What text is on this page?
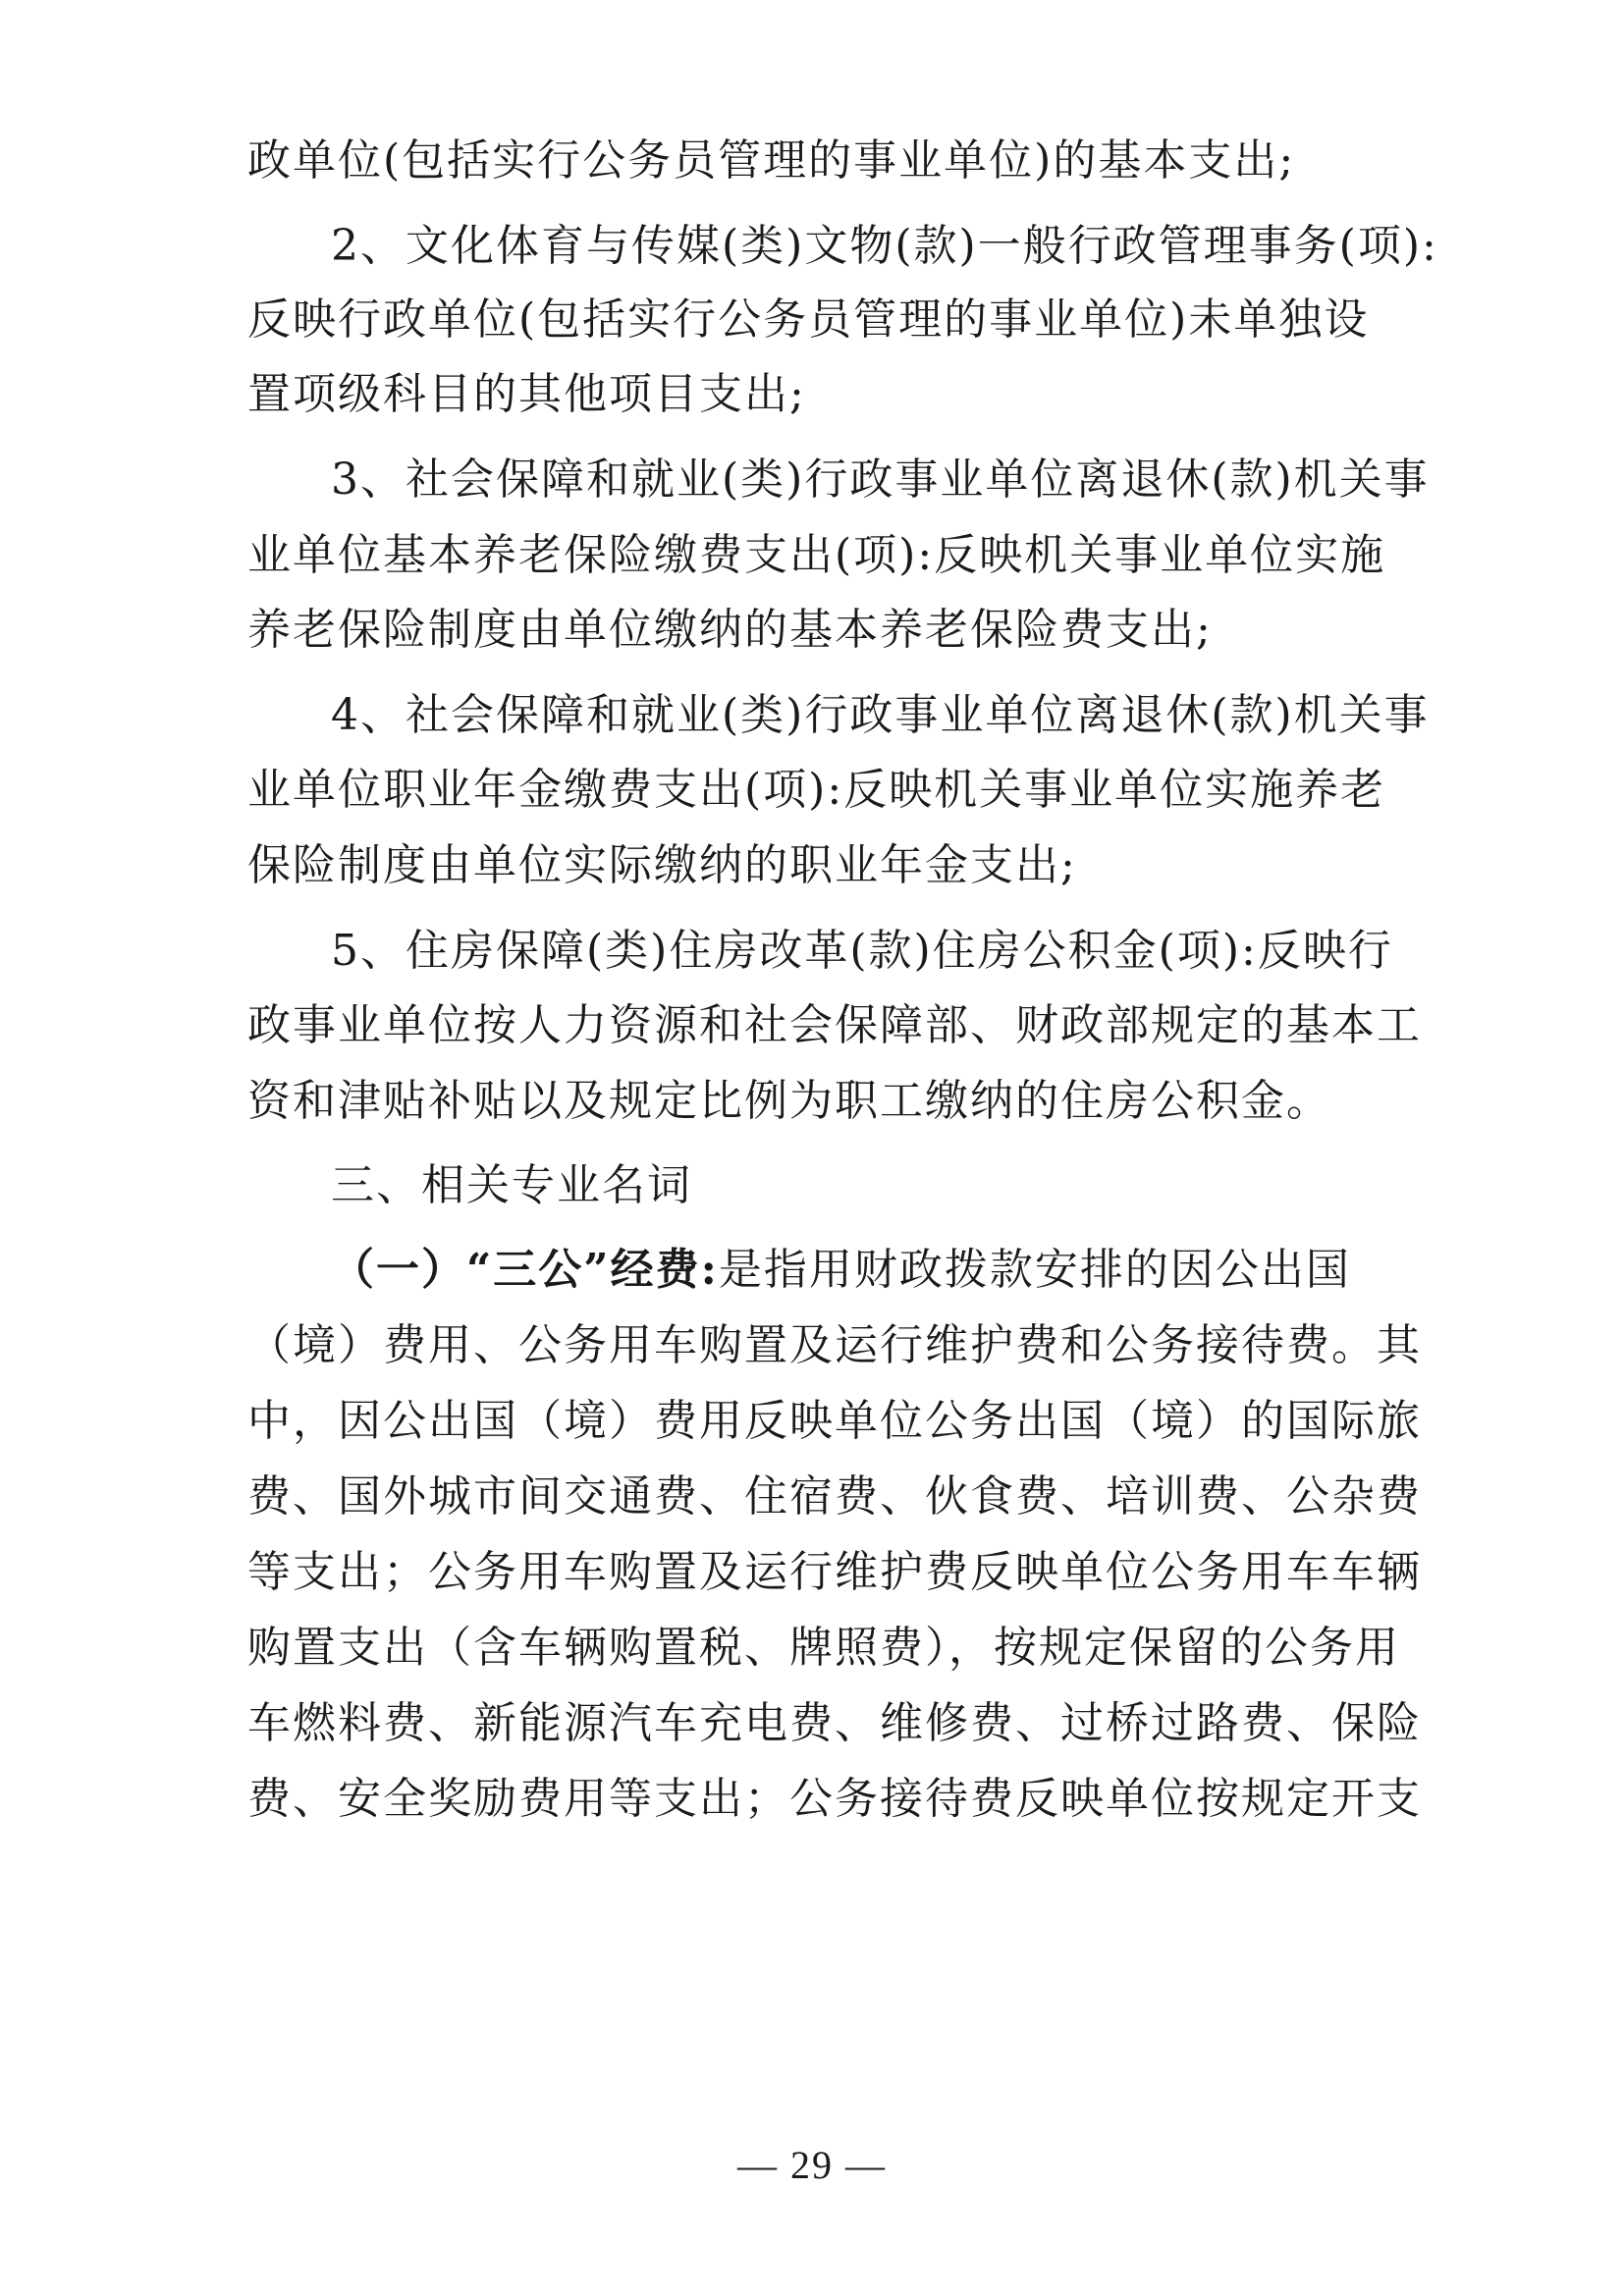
政单位(包括实行公务员管理的事业单位)的基本支出;
2、文化体育与传媒(类)文物(款)一般行政管理事务(项):
反映行政单位(包括实行公务员管理的事业单位)未单独设
置项级科目的其他项目支出;
3、社会保障和就业(类)行政事业单位离退休(款)机关事
业单位基本养老保险缴费支出(项):反映机关事业单位实施
养老保险制度由单位缴纳的基本养老保险费支出;
4、社会保障和就业(类)行政事业单位离退休(款)机关事
业单位职业年金缴费支出(项):反映机关事业单位实施养老
保险制度由单位实际缴纳的职业年金支出;
5、住房保障(类)住房改革(款)住房公积金(项):反映行
政事业单位按人力资源和社会保障部、财政部规定的基本工
资和津贴补贴以及规定比例为职工缴纳的住房公积金。
三、相关专业名词
（一）“三公”经费:是指用财政拨款安排的因公出国
（境）费用、公务用车购置及运行维护费和公务接待费。其
中，因公出国（境）费用反映单位公务出国（境）的国际旅
费、国外城市间交通费、住宿费、伙食费、培训费、公杂费
等支出；公务用车购置及运行维护费反映单位公务用车车辆
购置支出（含车辆购置税、牌照费），按规定保留的公务用
车燃料费、新能源汽车充电费、维修费、过桥过路费、保险
费、安全奖励费用等支出；公务接待费反映单位按规定开支
— 29 —
